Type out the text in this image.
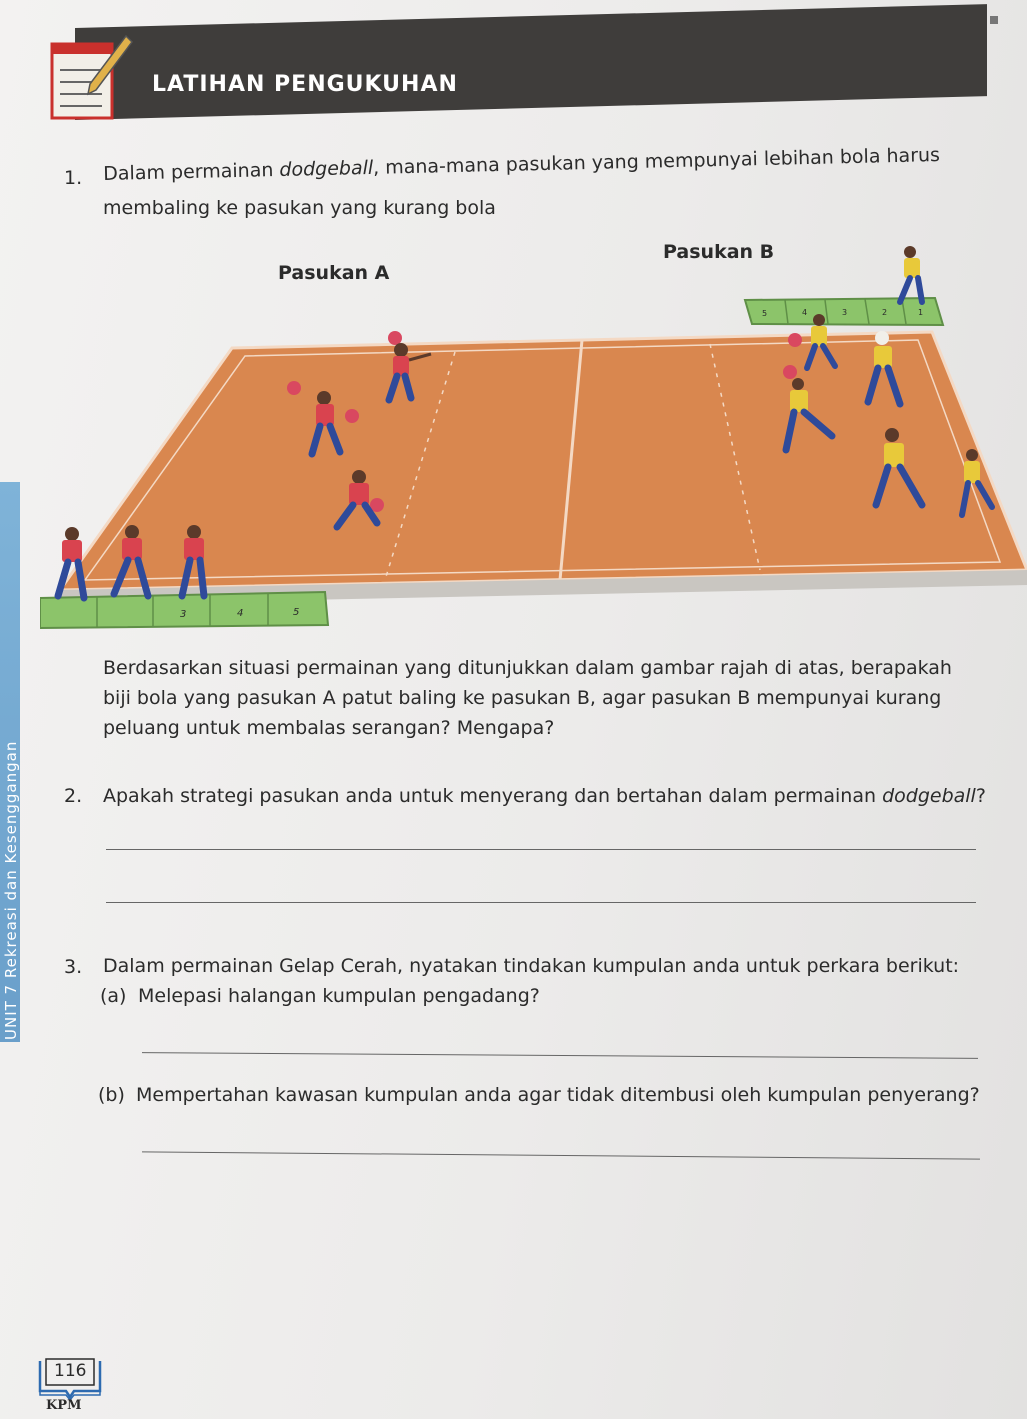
LATIHAN PENGUKUHAN
UNIT 7 Rekreasi dan Kesenggangan
1. Dalam permainan dodgeball, mana-mana pasukan yang mempunyai lebihan bola harus
membaling ke pasukan yang kurang bola
Pasukan A
Pasukan B
3	4	5
5	4	3	2	1
Berdasarkan situasi permainan yang ditunjukkan dalam gambar rajah di atas, berapakah
biji bola yang pasukan A patut baling ke pasukan B, agar pasukan B mempunyai kurang
peluang untuk membalas serangan? Mengapa?
2. Apakah strategi pasukan anda untuk menyerang dan bertahan dalam permainan dodgeball?
3. Dalam permainan Gelap Cerah, nyatakan tindakan kumpulan anda untuk perkara berikut:
(a) Melepasi halangan kumpulan pengadang?
(b) Mempertahan kawasan kumpulan anda agar tidak ditembusi oleh kumpulan penyerang?
116
KPM
